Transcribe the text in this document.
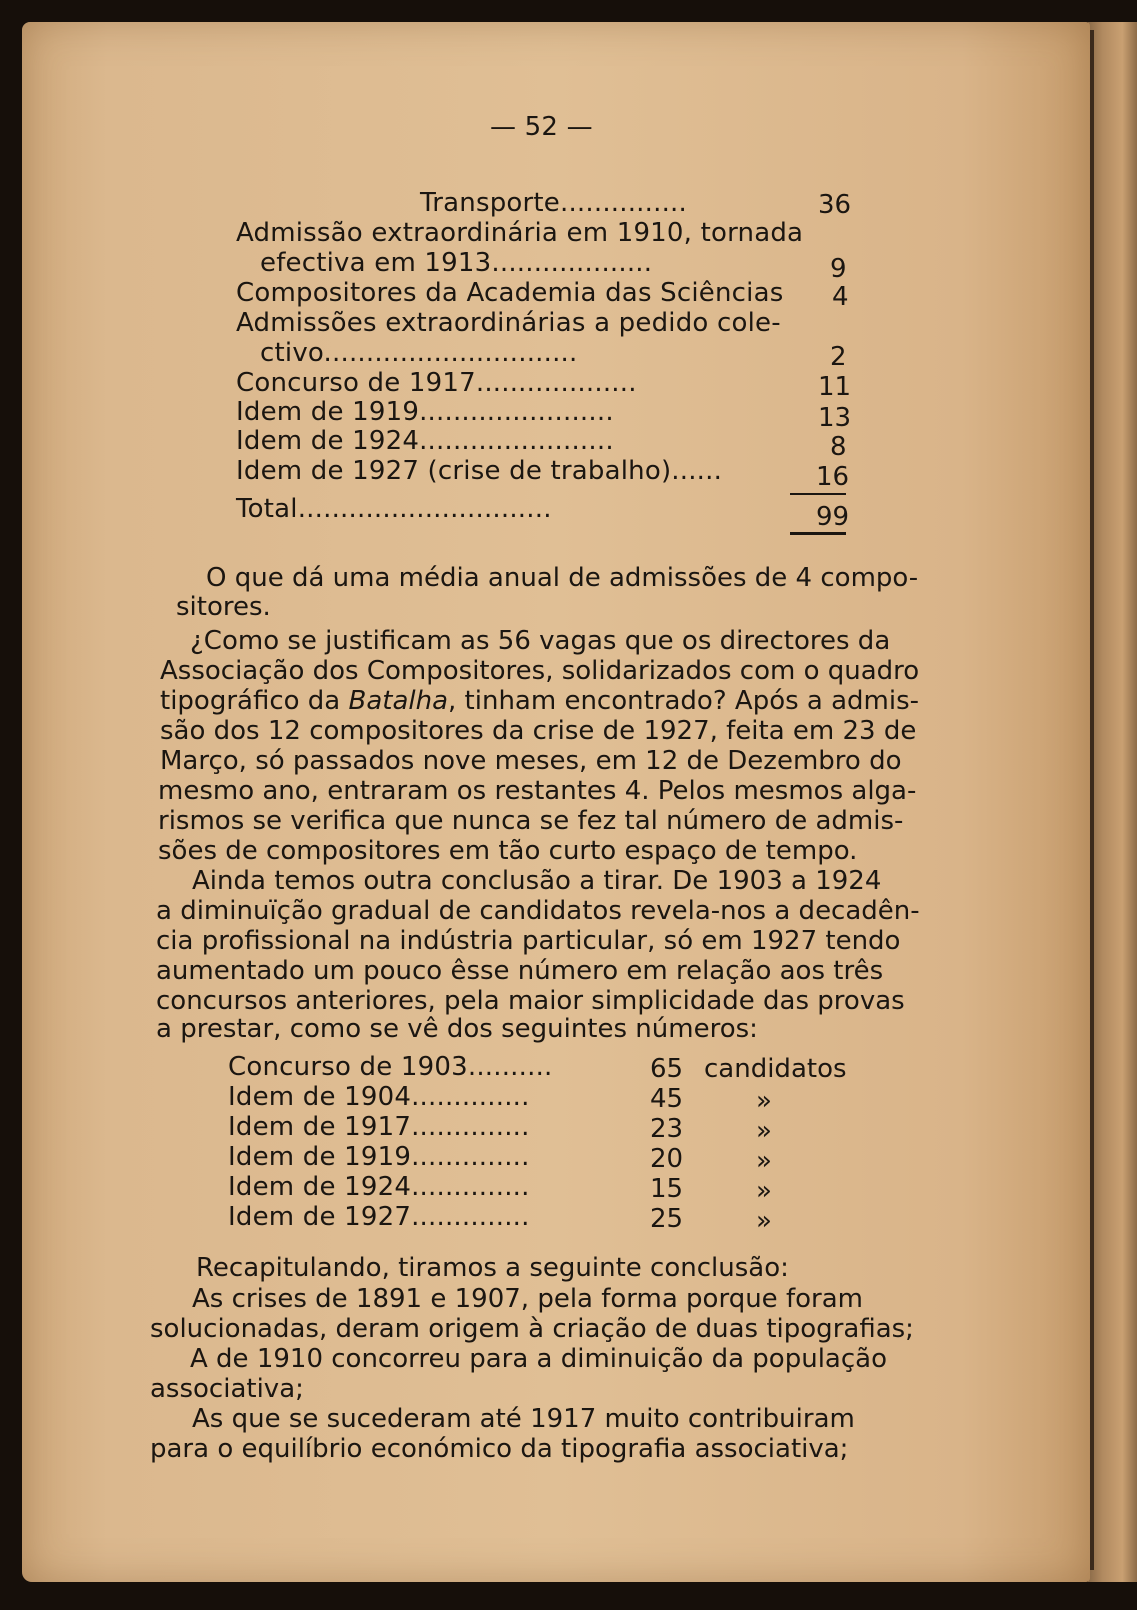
— 52 —
Transporte...............	36
Admissão extraordinária em 1910, tornada
efectiva em 1913...................	9
Compositores da Academia das Sciências 4
Admissões extraordinárias a pedido cole-
ctivo..............................	2
Concurso de 1917...................	11
Idem de 1919.......................	13
Idem de 1924.......................	8
Idem de 1927 (crise de trabalho)......	16
Total..............................	99
O que dá uma média anual de admissões de 4 compo-
sitores.
¿Como se justificam as 56 vagas que os directores da
Associação dos Compositores, solidarizados com o quadro
tipográfico da Batalha, tinham encontrado? Após a admis-
são dos 12 compositores da crise de 1927, feita em 23 de
Março, só passados nove meses, em 12 de Dezembro do
mesmo ano, entraram os restantes 4. Pelos mesmos alga-
rismos se verifica que nunca se fez tal número de admis-
sões de compositores em tão curto espaço de tempo.
Ainda temos outra conclusão a tirar. De 1903 a 1924
a diminuïção gradual de candidatos revela-nos a decadên-
cia profissional na indústria particular, só em 1927 tendo
aumentado um pouco êsse número em relação aos três
concursos anteriores, pela maior simplicidade das provas
a prestar, como se vê dos seguintes números:
Concurso de 1903..........	65 candidatos
Idem de 1904..............	45	»
Idem de 1917..............	23	»
Idem de 1919..............	20	»
Idem de 1924..............	15	»
Idem de 1927..............	25	»
Recapitulando, tiramos a seguinte conclusão:
As crises de 1891 e 1907, pela forma porque foram
solucionadas, deram origem à criação de duas tipografias;
A de 1910 concorreu para a diminuição da população
associativa;
As que se sucederam até 1917 muito contribuiram
para o equilíbrio económico da tipografia associativa;
